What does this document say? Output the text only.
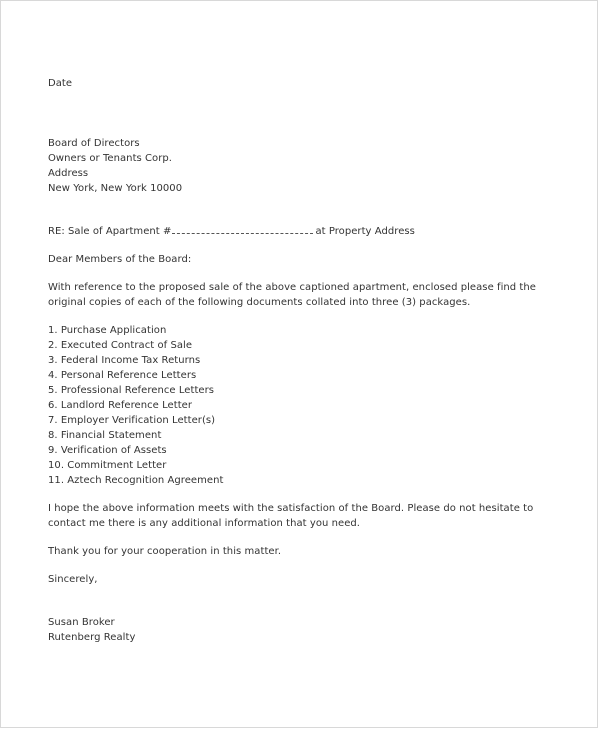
Date
Board of Directors
Owners or Tenants Corp.
Address
New York, New York 10000
RE: Sale of Apartment #	at Property Address
Dear Members of the Board:

With reference to the proposed sale of the above captioned apartment, enclosed please find the original copies of each of the following documents collated into three (3) packages.

1. Purchase Application
2. Executed Contract of Sale
3. Federal Income Tax Returns
4. Personal Reference Letters
5. Professional Reference Letters
6. Landlord Reference Letter
7. Employer Verification Letter(s)
8. Financial Statement
9. Verification of Assets
10. Commitment Letter
11. Aztech Recognition Agreement

I hope the above information meets with the satisfaction of the Board. Please do not hesitate to contact me there is any additional information that you need.

Thank you for your cooperation in this matter.
Sincerely,
Susan Broker
Rutenberg Realty
